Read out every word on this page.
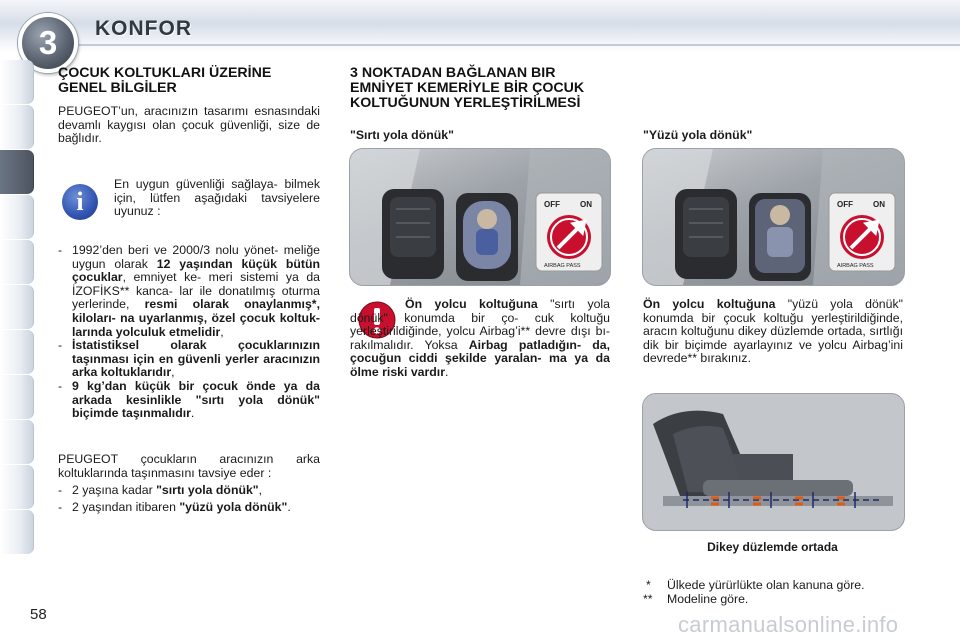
3	KONFOR
ÇOCUK KOLTUKLARI ÜZERİNE GENEL BİLGİLER
PEUGEOT’un, aracınızın tasarımı esnasındaki devamlı kaygısı olan çocuk güvenliği, size de bağlıdır.
i
En uygun güvenliği sağlaya- bilmek için, lütfen aşağıdaki tavsiyelere uyunuz :
- 1992’den beri ve 2000/3 nolu yönet- meliğe uygun olarak 12 yaşından küçük bütün çocuklar, emniyet ke- meri sistemi ya da İZOFİKS** kanca- lar ile donatılmış oturma yerlerinde, resmi olarak onaylanmış*, kiloları- na uyarlanmış, özel çocuk koltuk- larında yolculuk etmelidir,
- İstatistiksel olarak çocuklarınızın taşınması için en güvenli yerler aracınızın arka koltuklarıdır,
- 9 kg’dan küçük bir çocuk önde ya da arkada kesinlikle "sırtı yola dönük" biçimde taşınmalıdır.
PEUGEOT çocukların aracınızın arka koltuklarında taşınmasını tavsiye eder :
- 2 yaşına kadar "sırtı yola dönük",
- 2 yaşından itibaren "yüzü yola dönük".
3 NOKTADAN BAĞLANAN BIR EMNİYET KEMERİYLE BİR ÇOCUK KOLTUĞUNUN YERLEŞTİRİLMESİ
"Sırtı yola dönük"
OFF	ON
AIRBAG PASS
Ön yolcu koltuğuna "sırtı yola dönük" konumda bir ço- cuk koltuğu yerleştirildiğinde, yolcu Airbag’i** devre dışı bı- rakılmalıdır. Yoksa Airbag patladığın- da, çocuğun ciddi şekilde yaralan- ma ya da ölme riski vardır.
"Yüzü yola dönük"
OFF	ON
AIRBAG PASS
Ön yolcu koltuğuna "yüzü yola dönük" konumda bir çocuk koltuğu yerleştirildiğinde, aracın koltuğunu dikey düzlemde ortada, sırtlığı dik bir biçimde ayarlayınız ve yolcu Airbag’ini devrede** bırakınız.
Dikey düzlemde ortada
* Ülkede yürürlükte olan kanuna göre.
** Modeline göre.
58	carmanualsonline.info
